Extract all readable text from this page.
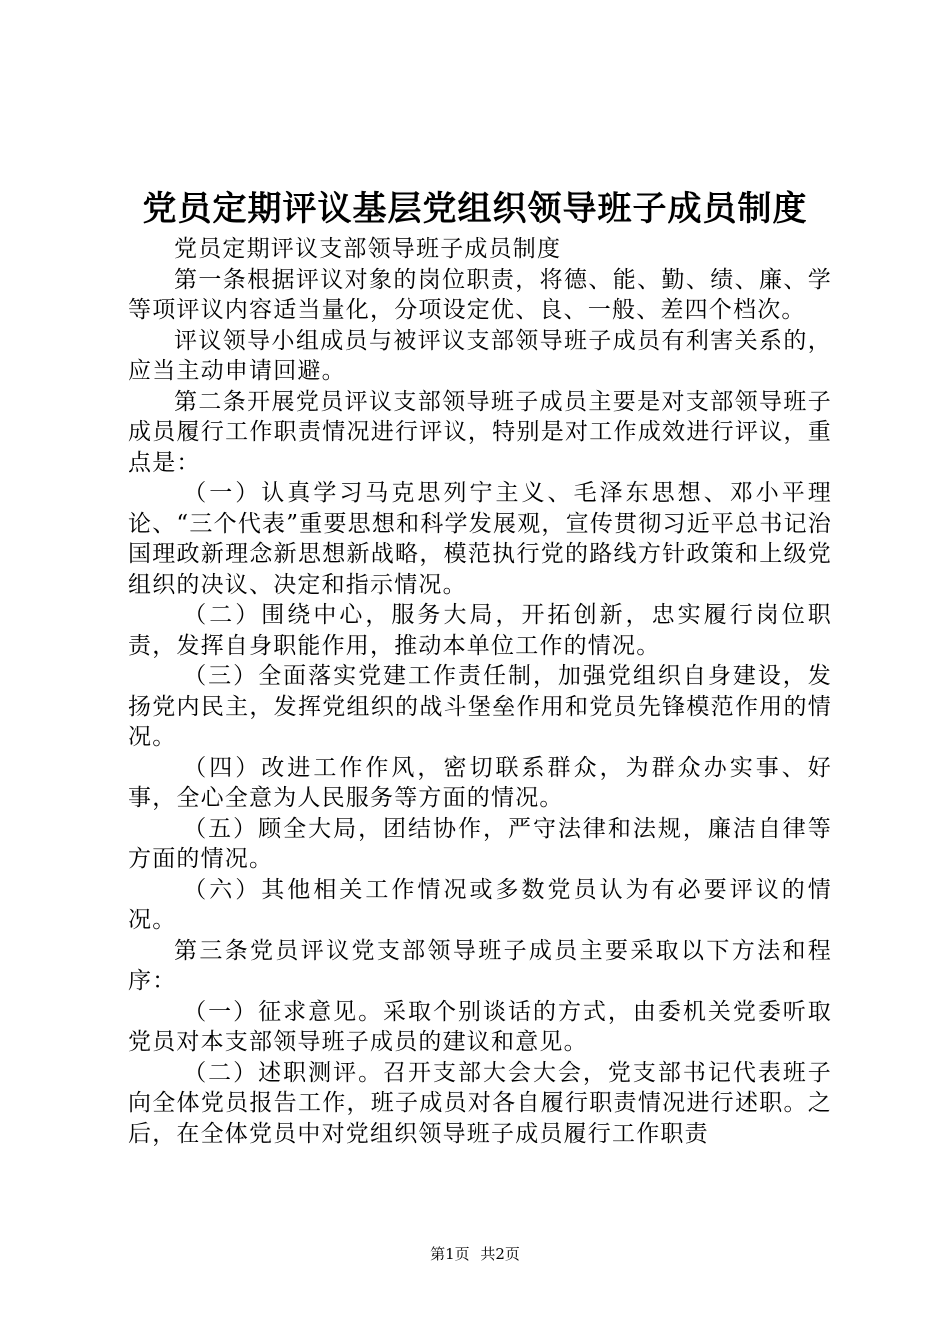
党员定期评议基层党组织领导班子成员制度

党员定期评议支部领导班子成员制度

第一条根据评议对象的岗位职责，将德、能、勤、绩、廉、学等项评议内容适当量化，分项设定优、良、一般、差四个档次。

评议领导小组成员与被评议支部领导班子成员有利害关系的，应当主动申请回避。

第二条开展党员评议支部领导班子成员主要是对支部领导班子成员履行工作职责情况进行评议，特别是对工作成效进行评议，重点是：

（一）认真学习马克思列宁主义、毛泽东思想、邓小平理论、“三个代表”重要思想和科学发展观，宣传贯彻习近平总书记治国理政新理念新思想新战略，模范执行党的路线方针政策和上级党组织的决议、决定和指示情况。

（二）围绕中心，服务大局，开拓创新，忠实履行岗位职责，发挥自身职能作用，推动本单位工作的情况。

（三）全面落实党建工作责任制，加强党组织自身建设，发扬党内民主，发挥党组织的战斗堡垒作用和党员先锋模范作用的情况。

（四）改进工作作风，密切联系群众，为群众办实事、好事，全心全意为人民服务等方面的情况。

（五）顾全大局，团结协作，严守法律和法规，廉洁自律等方面的情况。

（六）其他相关工作情况或多数党员认为有必要评议的情况。

第三条党员评议党支部领导班子成员主要采取以下方法和程序：

（一）征求意见。采取个别谈话的方式，由委机关党委听取党员对本支部领导班子成员的建议和意见。

（二）述职测评。召开支部大会大会，党支部书记代表班子向全体党员报告工作，班子成员对各自履行职责情况进行述职。之后，在全体党员中对党组织领导班子成员履行工作职责

第1页 共2页
